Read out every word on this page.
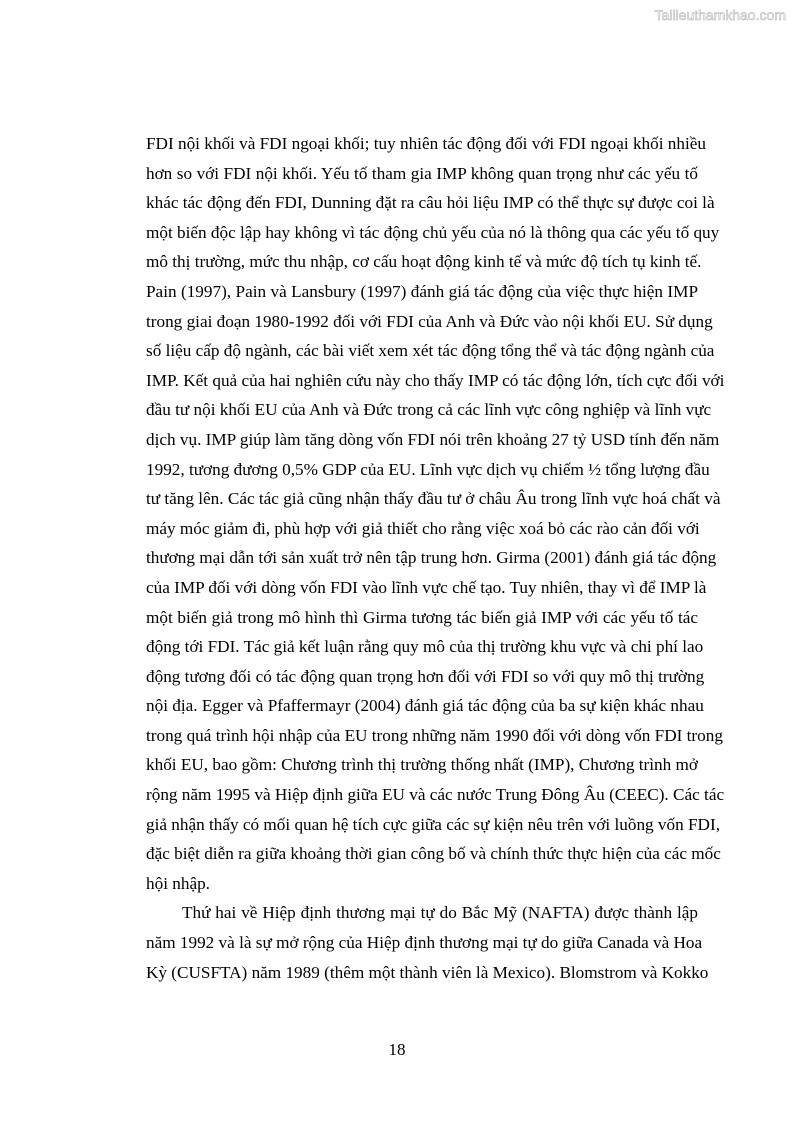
Tailieuthamkhao.com
FDI nội khối và FDI ngoại khối; tuy nhiên tác động đối với FDI ngoại khối nhiều
hơn so với FDI nội khối. Yếu tố tham gia IMP không quan trọng như các yếu tố
khác tác động đến FDI, Dunning đặt ra câu hỏi liệu IMP có thể thực sự được coi là
một biến độc lập hay không vì tác động chủ yếu của nó là thông qua các yếu tố quy
mô thị trường, mức thu nhập, cơ cấu hoạt động kinh tế và mức độ tích tụ kinh tế.
Pain (1997), Pain và Lansbury (1997) đánh giá tác động của việc thực hiện IMP
trong giai đoạn 1980-1992 đối với FDI của Anh và Đức vào nội khối EU. Sử dụng
số liệu cấp độ ngành, các bài viết xem xét tác động tổng thể và tác động ngành của
IMP. Kết quả của hai nghiên cứu này cho thấy IMP có tác động lớn, tích cực đối với
đầu tư nội khối EU của Anh và Đức trong cả các lĩnh vực công nghiệp và lĩnh vực
dịch vụ. IMP giúp làm tăng dòng vốn FDI nói trên khoảng 27 tỷ USD tính đến năm
1992, tương đương 0,5% GDP của EU. Lĩnh vực dịch vụ chiếm ½ tổng lượng đầu
tư tăng lên. Các tác giả cũng nhận thấy đầu tư ở châu Âu trong lĩnh vực hoá chất và
máy móc giảm đi, phù hợp với giả thiết cho rằng việc xoá bỏ các rào cản đối với
thương mại dẫn tới sản xuất trở nên tập trung hơn. Girma (2001) đánh giá tác động
của IMP đối với dòng vốn FDI vào lĩnh vực chế tạo. Tuy nhiên, thay vì để IMP là
một biến giả trong mô hình thì Girma tương tác biến giả IMP với các yếu tố tác
động tới FDI. Tác giả kết luận rằng quy mô của thị trường khu vực và chi phí lao
động tương đối có tác động quan trọng hơn đối với FDI so với quy mô thị trường
nội địa. Egger và Pfaffermayr (2004) đánh giá tác động của ba sự kiện khác nhau
trong quá trình hội nhập của EU trong những năm 1990 đối với dòng vốn FDI trong
khối EU, bao gồm: Chương trình thị trường thống nhất (IMP), Chương trình mở
rộng năm 1995 và Hiệp định giữa EU và các nước Trung Đông Âu (CEEC). Các tác
giả nhận thấy có mối quan hệ tích cực giữa các sự kiện nêu trên với luồng vốn FDI,
đặc biệt diễn ra giữa khoảng thời gian công bố và chính thức thực hiện của các mốc
hội nhập.
Thứ hai về Hiệp định thương mại tự do Bắc Mỹ (NAFTA) được thành lập
năm 1992 và là sự mở rộng của Hiệp định thương mại tự do giữa Canada và Hoa
Kỳ (CUSFTA) năm 1989 (thêm một thành viên là Mexico). Blomstrom và Kokko
18
